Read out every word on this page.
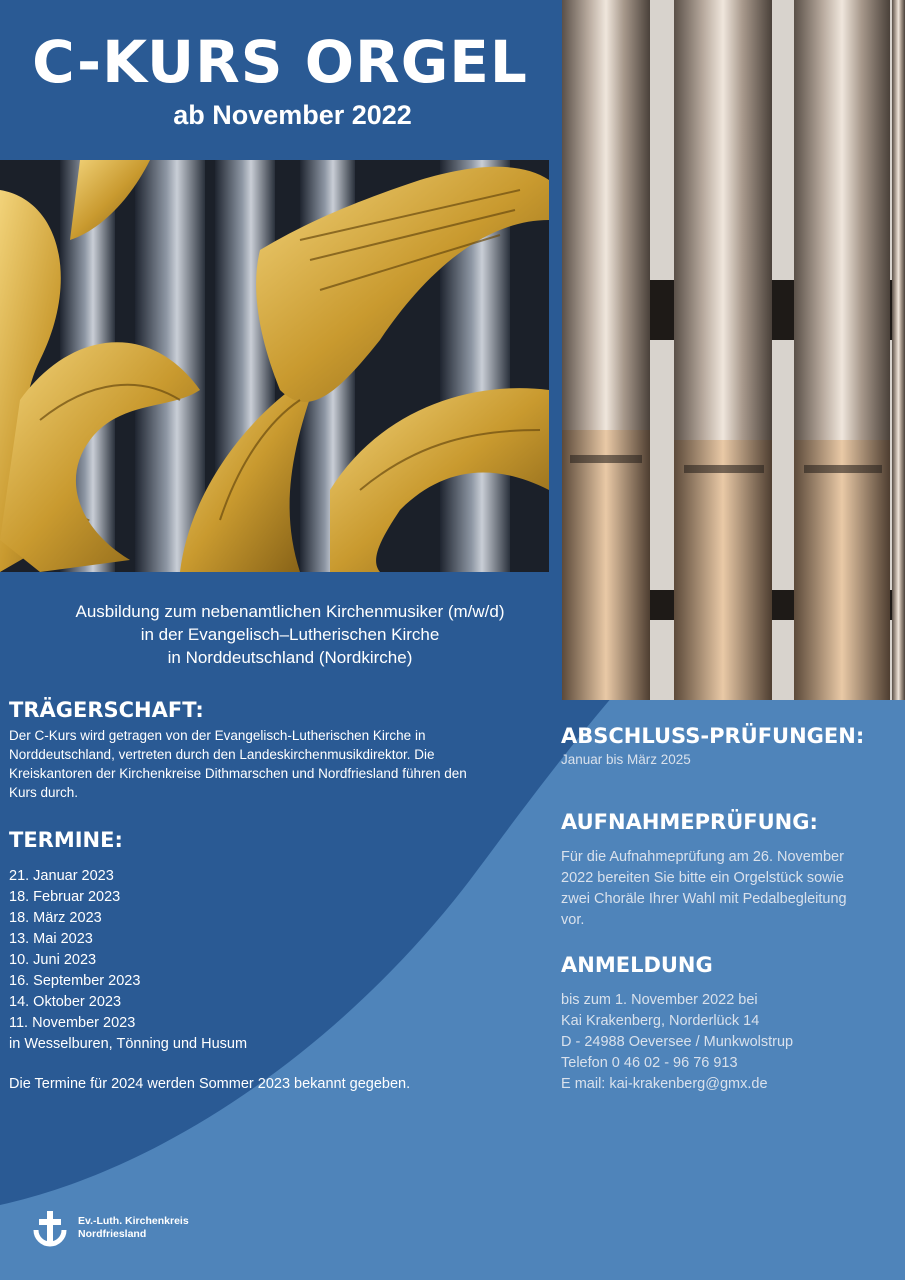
C-KURS ORGEL
ab November 2022
Ausbildung zum nebenamtlichen Kirchenmusiker (m/w/d)
in der Evangelisch–Lutherischen Kirche
in Norddeutschland (Nordkirche)
TRÄGERSCHAFT:
Der C-Kurs wird getragen von der Evangelisch-Lutherischen Kirche in
Norddeutschland, vertreten durch den Landeskirchenmusikdirektor. Die
Kreiskantoren der Kirchenkreise Dithmarschen und Nordfriesland führen den
Kurs durch.
TERMINE:
21. Januar 2023
18. Februar 2023
18. März 2023
13. Mai 2023
10. Juni 2023
16. September 2023
14. Oktober 2023
11. November 2023
in Wesselburen, Tönning und Husum

Die Termine für 2024 werden Sommer 2023 bekannt gegeben.

ABSCHLUSS-PRÜFUNGEN:

Januar bis März 2025

AUFNAHMEPRÜFUNG:
Für die Aufnahmeprüfung am 26. November
2022 bereiten Sie bitte ein Orgelstück sowie
zwei Choräle Ihrer Wahl mit Pedalbegleitung
vor.
ANMELDUNG
bis zum 1. November 2022 bei
Kai Krakenberg, Norderlück 14
D - 24988 Oeversee / Munkwolstrup
Telefon 0 46 02 - 96 76 913
E mail: kai-krakenberg@gmx.de
Ev.-Luth. Kirchenkreis
Nordfriesland
